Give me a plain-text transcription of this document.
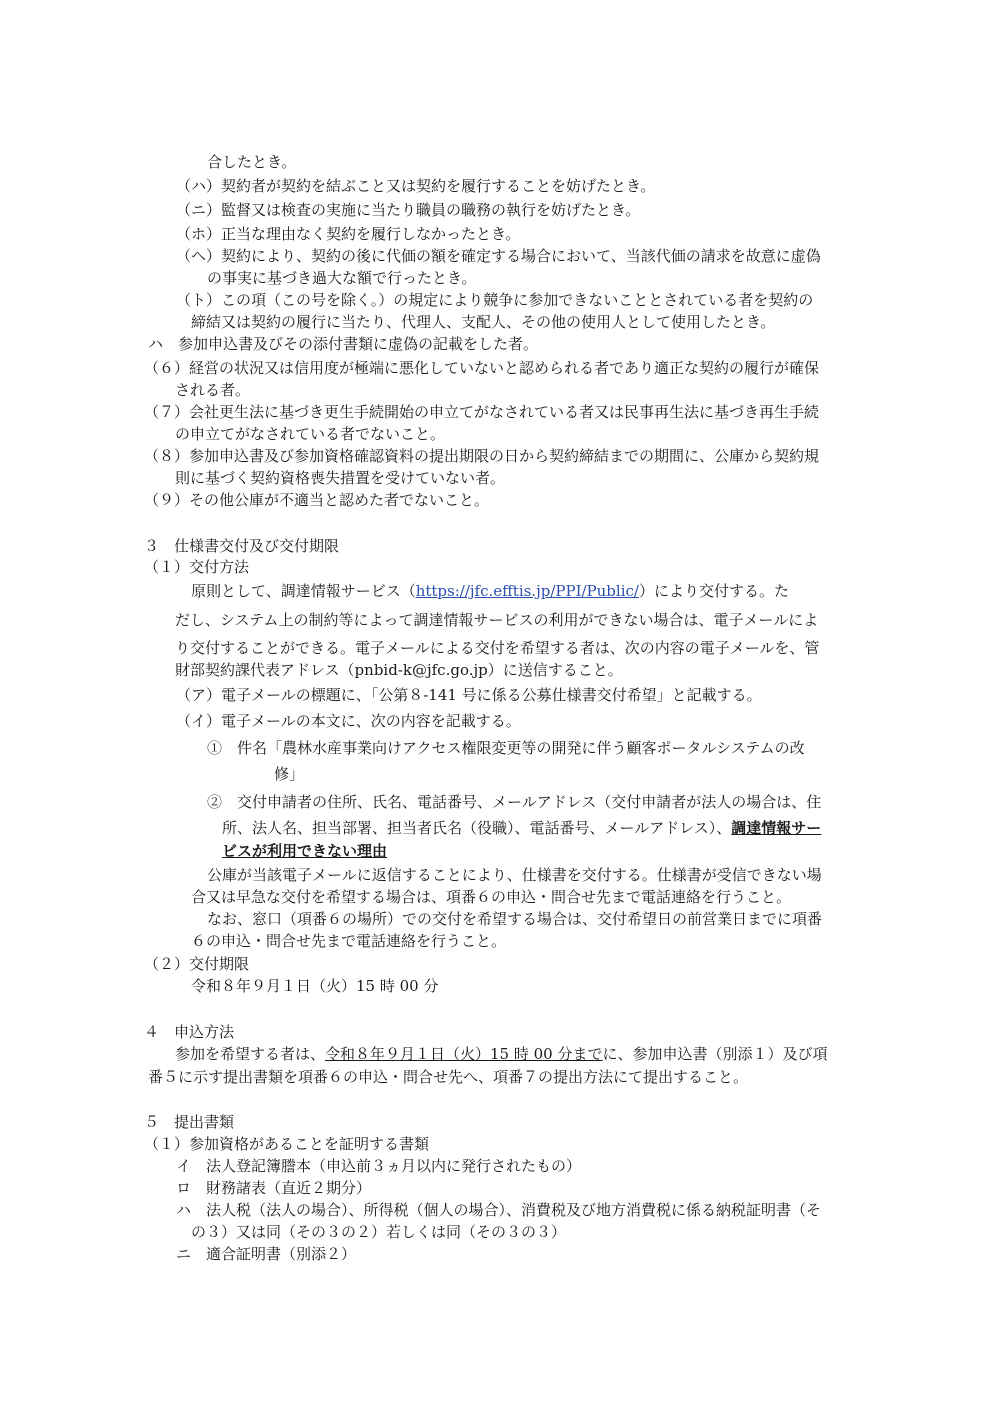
合したとき。

（ハ）契約者が契約を結ぶこと又は契約を履行することを妨げたとき。

（ニ）監督又は検査の実施に当たり職員の職務の執行を妨げたとき。

（ホ）正当な理由なく契約を履行しなかったとき。

（ヘ）契約により、契約の後に代価の額を確定する場合において、当該代価の請求を故意に虚偽

の事実に基づき過大な額で行ったとき。

（ト）この項（この号を除く。）の規定により競争に参加できないこととされている者を契約の

締結又は契約の履行に当たり、代理人、支配人、その他の使用人として使用したとき。

ハ　参加申込書及びその添付書類に虚偽の記載をした者。

（６）経営の状況又は信用度が極端に悪化していないと認められる者であり適正な契約の履行が確保

される者。

（７）会社更生法に基づき更生手続開始の申立てがなされている者又は民事再生法に基づき再生手続

の申立てがなされている者でないこと。

（８）参加申込書及び参加資格確認資料の提出期限の日から契約締結までの期間に、公庫から契約規

則に基づく契約資格喪失措置を受けていない者。

（９）その他公庫が不適当と認めた者でないこと。

３　仕様書交付及び交付期限

（１）交付方法

原則として、調達情報サービス（https://jfc.efftis.jp/PPI/Public/）により交付する。た

だし、システム上の制約等によって調達情報サービスの利用ができない場合は、電子メールによ

り交付することができる。電子メールによる交付を希望する者は、次の内容の電子メールを、管

財部契約課代表アドレス（pnbid-k@jfc.go.jp）に送信すること。

（ア）電子メールの標題に、「公第８-141 号に係る公募仕様書交付希望」と記載する。

（イ）電子メールの本文に、次の内容を記載する。

①　件名「農林水産事業向けアクセス権限変更等の開発に伴う顧客ポータルシステムの改

修」

②　交付申請者の住所、氏名、電話番号、メールアドレス（交付申請者が法人の場合は、住

所、法人名、担当部署、担当者氏名（役職）、電話番号、メールアドレス）、調達情報サー

ビスが利用できない理由

公庫が当該電子メールに返信することにより、仕様書を交付する。仕様書が受信できない場

合又は早急な交付を希望する場合は、項番６の申込・問合せ先まで電話連絡を行うこと。

なお、窓口（項番６の場所）での交付を希望する場合は、交付希望日の前営業日までに項番

６の申込・問合せ先まで電話連絡を行うこと。

（２）交付期限

令和８年９月１日（火）15 時 00 分

４　申込方法

参加を希望する者は、令和８年９月１日（火）15 時 00 分までに、参加申込書（別添１）及び項

番５に示す提出書類を項番６の申込・問合せ先へ、項番７の提出方法にて提出すること。

５　提出書類

（１）参加資格があることを証明する書類

イ　法人登記簿謄本（申込前３ヵ月以内に発行されたもの）

ロ　財務諸表（直近２期分）

ハ　法人税（法人の場合）、所得税（個人の場合）、消費税及び地方消費税に係る納税証明書（そ

の３）又は同（その３の２）若しくは同（その３の３）

ニ　適合証明書（別添２）
